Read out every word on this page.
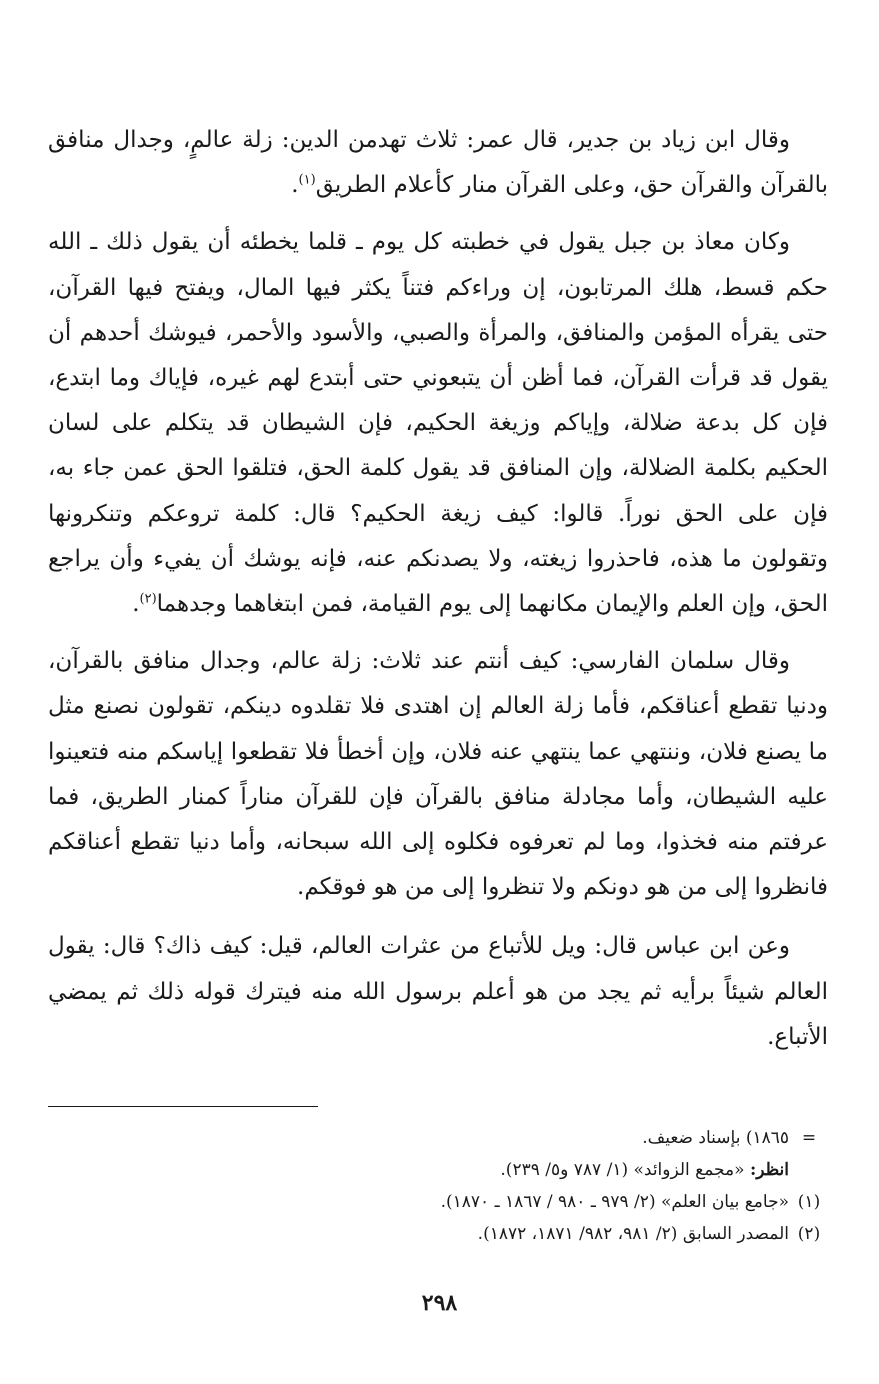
وقال ابن زياد بن جدير، قال عمر: ثلاث تهدمن الدين: زلة عالمٍ، وجدال منافق بالقرآن والقرآن حق، وعلى القرآن منار كأعلام الطريق$^{(١)}$.

وكان معاذ بن جبل يقول في خطبته كل يوم ـ قلما يخطئه أن يقول ذلك ـ الله حكم قسط، هلك المرتابون، إن وراءكم فتناً يكثر فيها المال، ويفتح فيها القرآن، حتى يقرأه المؤمن والمنافق، والمرأة والصبي، والأسود والأحمر، فيوشك أحدهم أن يقول قد قرأت القرآن، فما أظن أن يتبعوني حتى أبتدع لهم غيره، فإياك وما ابتدع، فإن كل بدعة ضلالة، وإياكم وزيغة الحكيم، فإن الشيطان قد يتكلم على لسان الحكيم بكلمة الضلالة، وإن المنافق قد يقول كلمة الحق، فتلقوا الحق عمن جاء به، فإن على الحق نوراً. قالوا: كيف زيغة الحكيم؟ قال: كلمة تروعكم وتنكرونها وتقولون ما هذه، فاحذروا زيغته، ولا يصدنكم عنه، فإنه يوشك أن يفيء وأن يراجع الحق، وإن العلم والإيمان مكانهما إلى يوم القيامة، فمن ابتغاهما وجدهما$^{(٢)}$.

وقال سلمان الفارسي: كيف أنتم عند ثلاث: زلة عالم، وجدال منافق بالقرآن، ودنيا تقطع أعناقكم، فأما زلة العالم إن اهتدى فلا تقلدوه دينكم، تقولون نصنع مثل ما يصنع فلان، وننتهي عما ينتهي عنه فلان، وإن أخطأ فلا تقطعوا إياسكم منه فتعينوا عليه الشيطان، وأما مجادلة منافق بالقرآن فإن للقرآن مناراً كمنار الطريق، فما عرفتم منه فخذوا، وما لم تعرفوه فكلوه إلى الله سبحانه، وأما دنيا تقطع أعناقكم فانظروا إلى من هو دونكم ولا تنظروا إلى من هو فوقكم.

وعن ابن عباس قال: ويل للأتباع من عثرات العالم، قيل: كيف ذاك؟ قال: يقول العالم شيئاً برأيه ثم يجد من هو أعلم برسول الله منه فيترك قوله ذلك ثم يمضي الأتباع.

=١٨٦٥) بإسناد ضعيف.

انظر: «مجمع الزوائد» (١/ ٧٨٧ و٥/ ٢٣٩).

(١)«جامع بيان العلم» (٢/ ٩٧٩ ـ ٩٨٠ / ١٨٦٧ ـ ١٨٧٠).

(٢)المصدر السابق (٢/ ٩٨١، ٩٨٢/ ١٨٧١، ١٨٧٢).

٢٩٨
